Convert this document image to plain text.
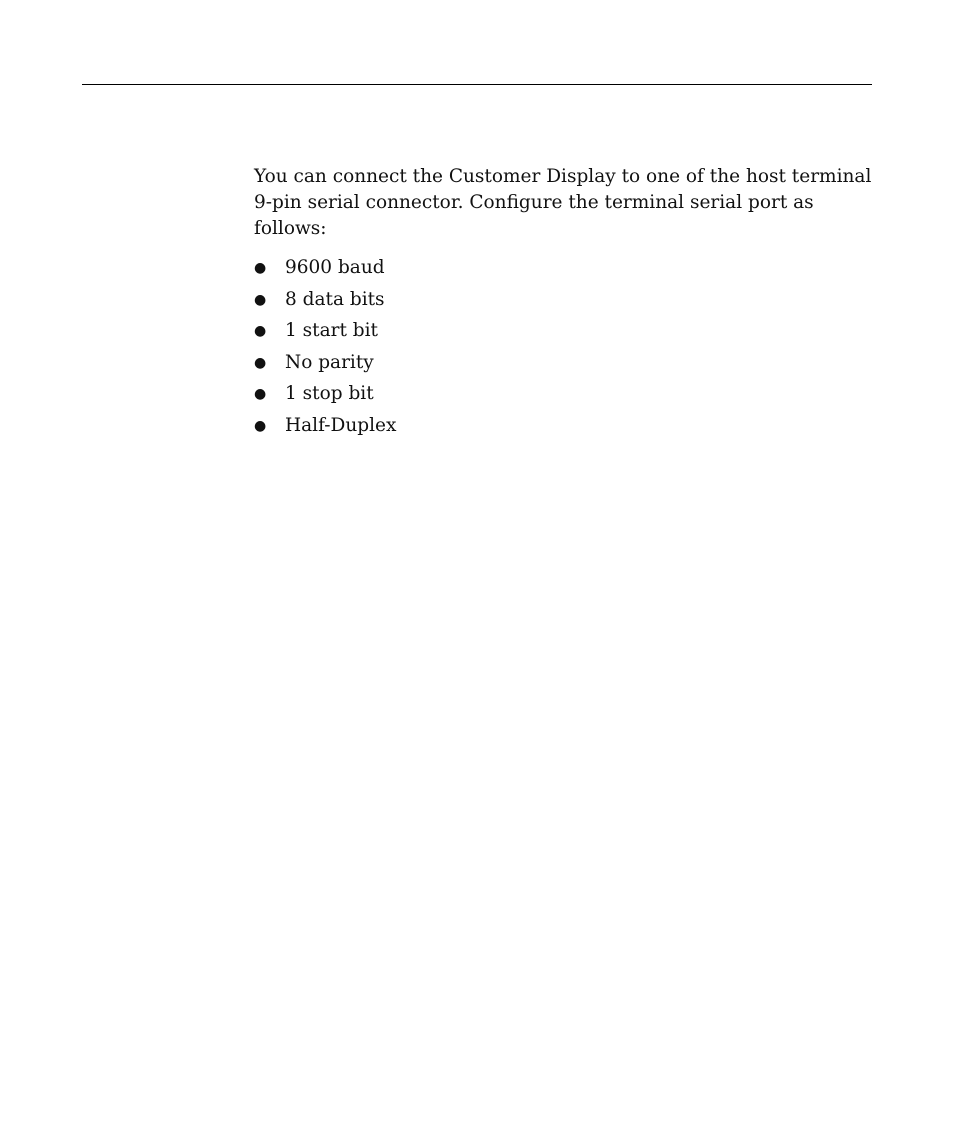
You can connect the Customer Display to one of the host terminal 9-pin serial connector. Configure the terminal serial port as follows:

●	9600 baud
●	8 data bits
●	1 start bit
●	No parity
●	1 stop bit
●	Half-Duplex
